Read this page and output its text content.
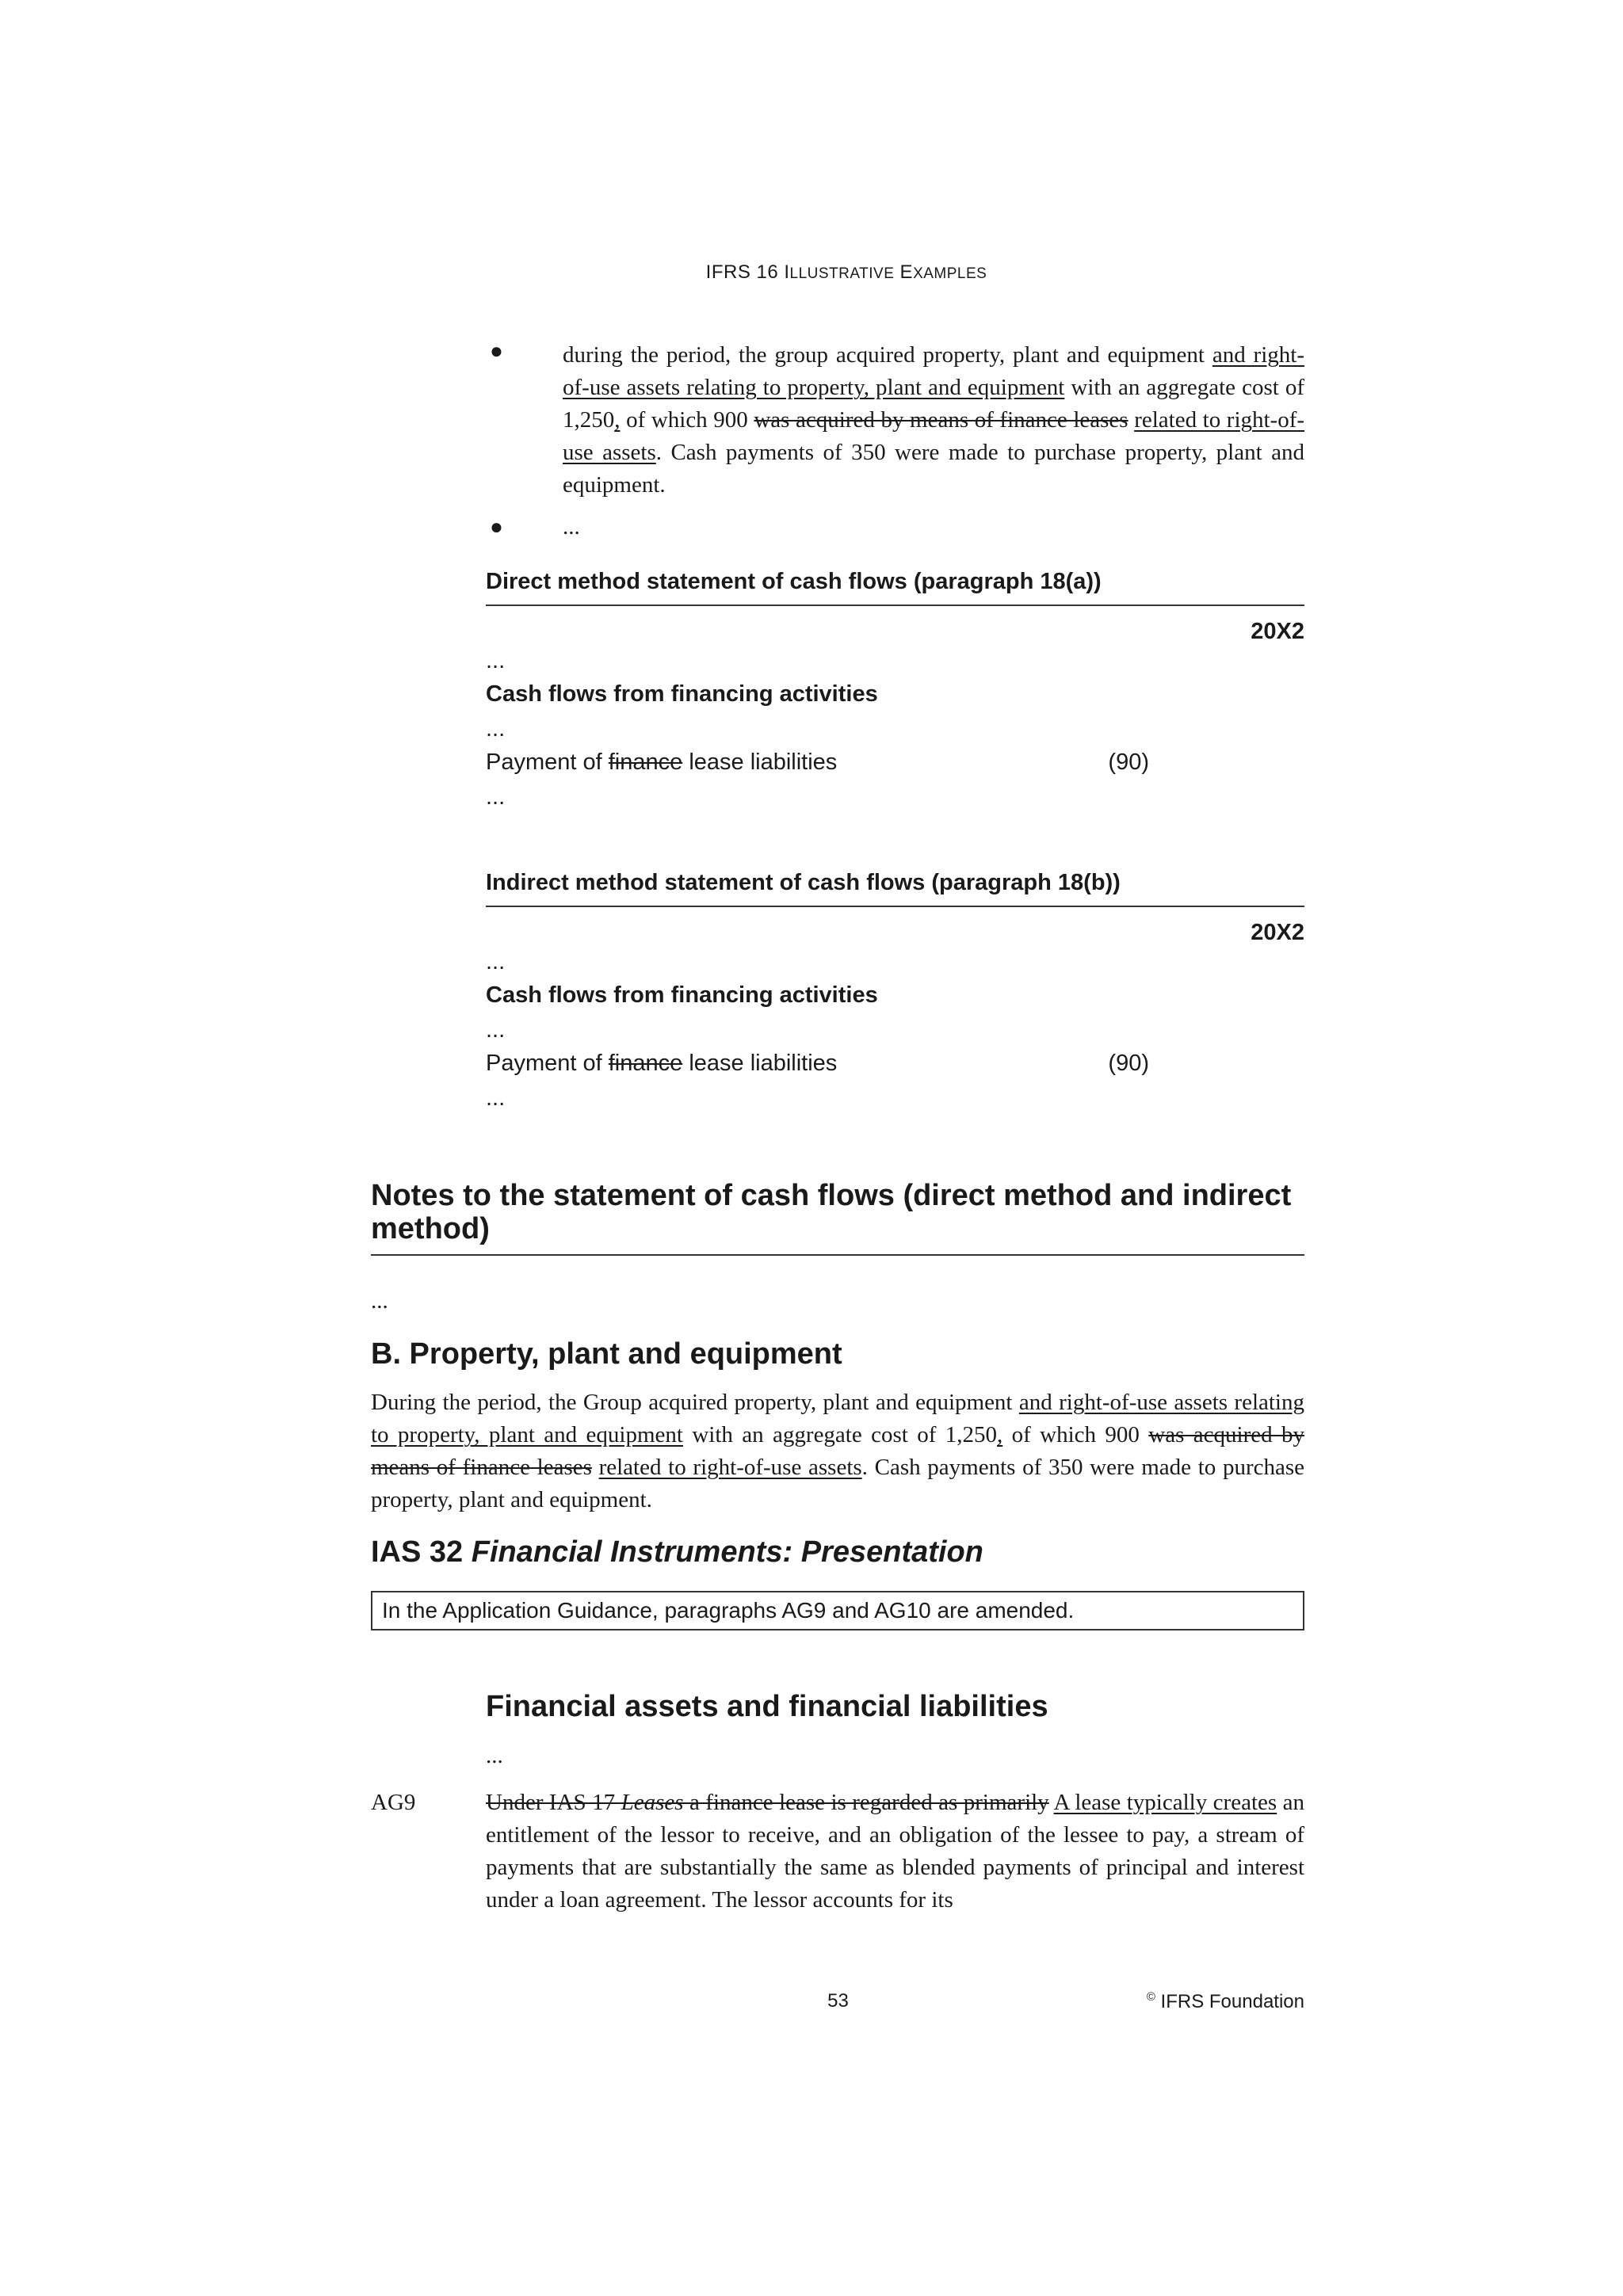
IFRS 16 ILLUSTRATIVE EXAMPLES
●	during the period, the group acquired property, plant and equipment and right-of-use assets relating to property, plant and equipment with an aggregate cost of 1,250, of which 900 was acquired by means of finance leases related to right-of-use assets. Cash payments of 350 were made to purchase property, plant and equipment.
●	...
Direct method statement of cash flows (paragraph 18(a))
20X2
...
Cash flows from financing activities
...
Payment of finance lease liabilities	(90)
...
Indirect method statement of cash flows (paragraph 18(b))
20X2
...
Cash flows from financing activities
...
Payment of finance lease liabilities	(90)
...
Notes to the statement of cash flows (direct method and indirect
method)
...
B. Property, plant and equipment
During the period, the Group acquired property, plant and equipment and right-of-use assets relating to property, plant and equipment with an aggregate cost of 1,250, of which 900 was acquired by means of finance leases related to right-of-use assets. Cash payments of 350 were made to purchase property, plant and equipment.
IAS 32 Financial Instruments: Presentation
In the Application Guidance, paragraphs AG9 and AG10 are amended.
Financial assets and financial liabilities
...
AG9	Under IAS 17 Leases a finance lease is regarded as primarily A lease typically creates an entitlement of the lessor to receive, and an obligation of the lessee to pay, a stream of payments that are substantially the same as blended payments of principal and interest under a loan agreement. The lessor accounts for its
53	© IFRS Foundation
